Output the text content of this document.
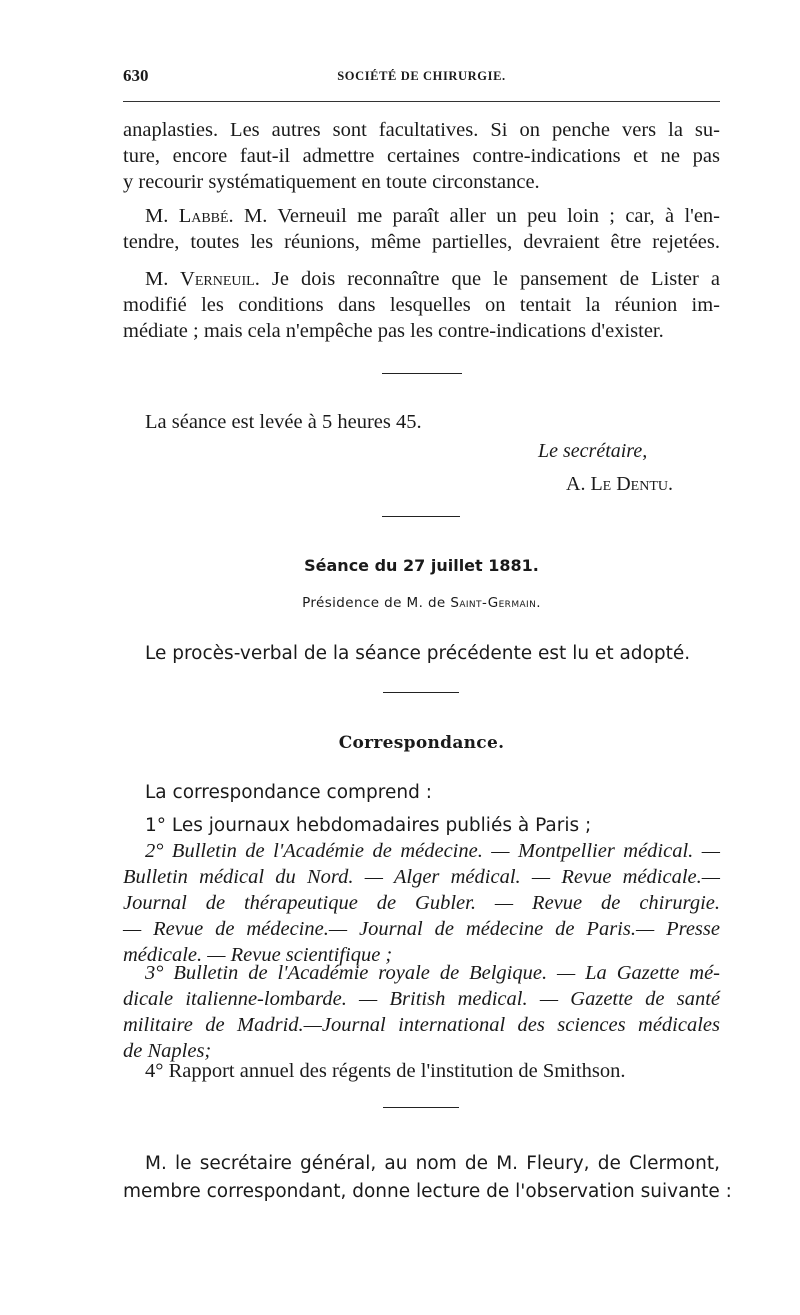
630	SOCIÉTÉ DE CHIRURGIE.
anaplasties. Les autres sont facultatives. Si on penche vers la su-
ture, encore faut-il admettre certaines contre-indications et ne pas
y recourir systématiquement en toute circonstance.
M. Labbé. M. Verneuil me paraît aller un peu loin ; car, à l'en-
tendre, toutes les réunions, même partielles, devraient être rejetées.
M. Verneuil. Je dois reconnaître que le pansement de Lister a
modifié les conditions dans lesquelles on tentait la réunion im-
médiate ; mais cela n'empêche pas les contre-indications d'exister.
La séance est levée à 5 heures 45.
Le secrétaire,
A. Le Dentu.
Séance du 27 juillet 1881.
Présidence de M. de Saint-Germain.
Le procès-verbal de la séance précédente est lu et adopté.
Correspondance.
La correspondance comprend :
1° Les journaux hebdomadaires publiés à Paris ;
2° Bulletin de l'Académie de médecine. — Montpellier médical. —
Bulletin médical du Nord. — Alger médical. — Revue médicale.—
Journal de thérapeutique de Gubler. — Revue de chirurgie.
— Revue de médecine.— Journal de médecine de Paris.— Presse
médicale. — Revue scientifique ;
3° Bulletin de l'Académie royale de Belgique. — La Gazette mé-
dicale italienne-lombarde. — British medical. — Gazette de santé
militaire de Madrid.—Journal international des sciences médicales
de Naples;
4° Rapport annuel des régents de l'institution de Smithson.
M. le secrétaire général, au nom de M. Fleury, de Clermont,
membre correspondant, donne lecture de l'observation suivante :
